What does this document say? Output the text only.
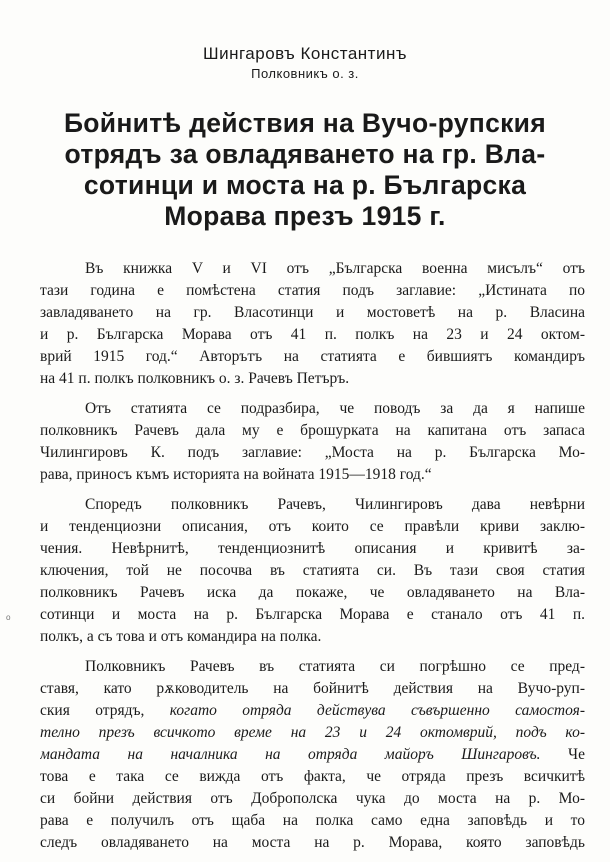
Шингаровъ Константинъ
Полковникъ о. з.
Бойнитѣ действия на Вучо-рупския
отрядъ за овладяването на гр. Вла-
сотинци и моста на р. Българска
Морава презъ 1915 г.
Въ книжка V и VI отъ „Българска военна мисълъ“ отъ
тази година е помѣстена статия подъ заглавие: „Истината по
завладяването на гр. Власотинци и мостоветѣ на р. Власина
и р. Българска Морава отъ 41 п. полкъ на 23 и 24 октом-
врий 1915 год.“ Авторътъ на статията е бившиятъ командиръ
на 41 п. полкъ полковникъ о. з. Рачевъ Петъръ.
Отъ статията се подразбира, че поводъ за да я напише
полковникъ Рачевъ дала му е брошурката на капитана отъ запаса
Чилингировъ К. подъ заглавие: „Моста на р. Българска Мо-
рава, приносъ къмъ историята на войната 1915—1918 год.“
Споредъ полковникъ Рачевъ, Чилингировъ дава невѣрни
и тенденциозни описания, отъ които се правѣли криви заклю-
чения. Невѣрнитѣ, тенденциознитѣ описания и кривитѣ за-
ключения, той не посочва въ статията си. Въ тази своя статия
полковникъ Рачевъ иска да покаже, че овладяването на Вла-
сотинци и моста на р. Българска Морава е станало отъ 41 п.
полкъ, а съ това и отъ командира на полка.
Полковникъ Рачевъ въ статията си погрѣшно се пред-
ставя, като рѫководитель на бойнитѣ действия на Вучо-руп-
ския отрядъ, когато отряда действува съвършенно самостоя-
телно презъ всичкото време на 23 и 24 октомврий, подъ ко-
мандата на началника на отряда майоръ Шингаровъ. Че
това е така се вижда отъ факта, че отряда презъ всичкитѣ
си бойни действия отъ Доброполска чука до моста на р. Мо-
рава е получилъ отъ щаба на полка само една заповѣдь и то
следъ овладяването на моста на р. Морава, която заповѣдь
ᵒ
